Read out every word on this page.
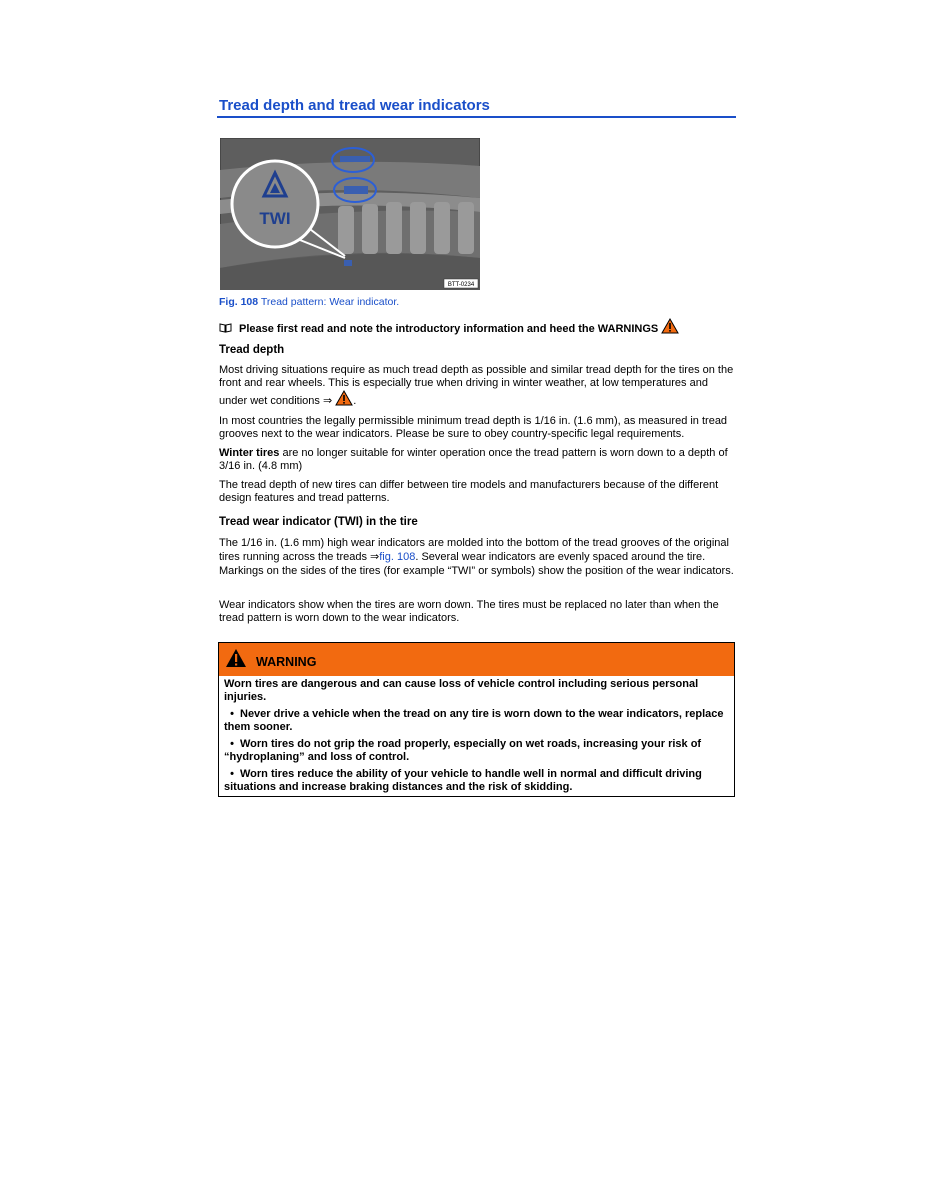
Tread depth and tread wear indicators
TWI
BTT-0234
Fig. 108 Tread pattern: Wear indicator.
Please first read and note the introductory information and heed the WARNINGS
Tread depth
Most driving situations require as much tread depth as possible and similar tread depth for the tires on the front and rear wheels. This is especially true when driving in winter weather, at low temperatures and under wet conditions ⇒ .
In most countries the legally permissible minimum tread depth is 1/16 in. (1.6 mm), as measured in tread grooves next to the wear indicators. Please be sure to obey country-specific legal requirements.
Winter tires are no longer suitable for winter operation once the tread pattern is worn down to a depth of 3/16 in. (4.8 mm)
The tread depth of new tires can differ between tire models and manufacturers because of the different design features and tread patterns.
Tread wear indicator (TWI) in the tire
The 1/16 in. (1.6 mm) high wear indicators are molded into the bottom of the tread grooves of the original tires running across the treads ⇒fig. 108. Several wear indicators are evenly spaced around the tire. Markings on the sides of the tires (for example “TWI” or symbols) show the position of the wear indicators.
Wear indicators show when the tires are worn down. The tires must be replaced no later than when the tread pattern is worn down to the wear indicators.
WARNING

Worn tires are dangerous and can cause loss of vehicle control including serious personal injuries.

• Never drive a vehicle when the tread on any tire is worn down to the wear indicators, replace them sooner.

• Worn tires do not grip the road properly, especially on wet roads, increasing your risk of “hydroplaning” and loss of control.

• Worn tires reduce the ability of your vehicle to handle well in normal and difficult driving situations and increase braking distances and the risk of skidding.
